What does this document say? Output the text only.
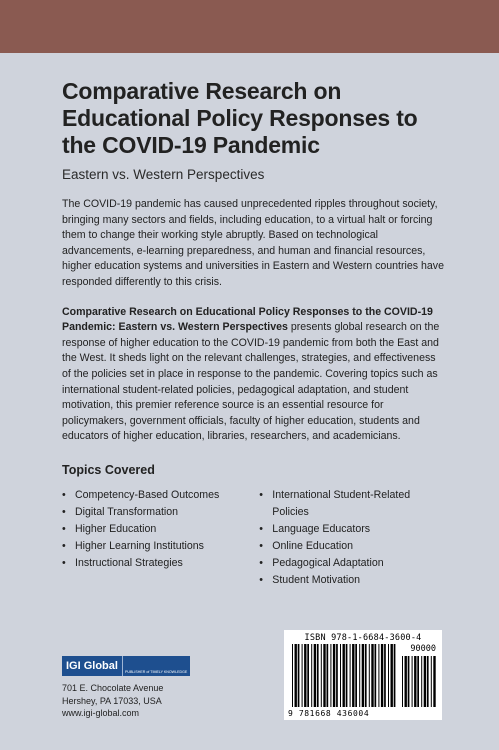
Comparative Research on Educational Policy Responses to the COVID-19 Pandemic
Eastern vs. Western Perspectives

The COVID-19 pandemic has caused unprecedented ripples throughout society, bringing many sectors and fields, including education, to a virtual halt or forcing them to change their working style abruptly. Based on technological advancements, e-learning preparedness, and human and financial resources, higher education systems and universities in Eastern and Western countries have responded differently to this crisis.

Comparative Research on Educational Policy Responses to the COVID-19 Pandemic: Eastern vs. Western Perspectives presents global research on the response of higher education to the COVID-19 pandemic from both the East and the West. It sheds light on the relevant challenges, strategies, and effectiveness of the policies set in place in response to the pandemic. Covering topics such as international student-related policies, pedagogical adaptation, and student motivation, this premier reference source is an essential resource for policymakers, government officials, faculty of higher education, students and educators of higher education, libraries, researchers, and academicians.

Topics Covered
• Competency-Based Outcomes
• Digital Transformation
• Higher Education
• Higher Learning Institutions
• Instructional Strategies
• International Student-Related Policies
• Language Educators
• Online Education
• Pedagogical Adaptation
• Student Motivation
IGI Global	PUBLISHER of TIMELY KNOWLEDGE
701 E. Chocolate Avenue
Hershey, PA 17033, USA
www.igi-global.com
ISBN 978-1-6684-3600-4
90000
9 781668 436004
